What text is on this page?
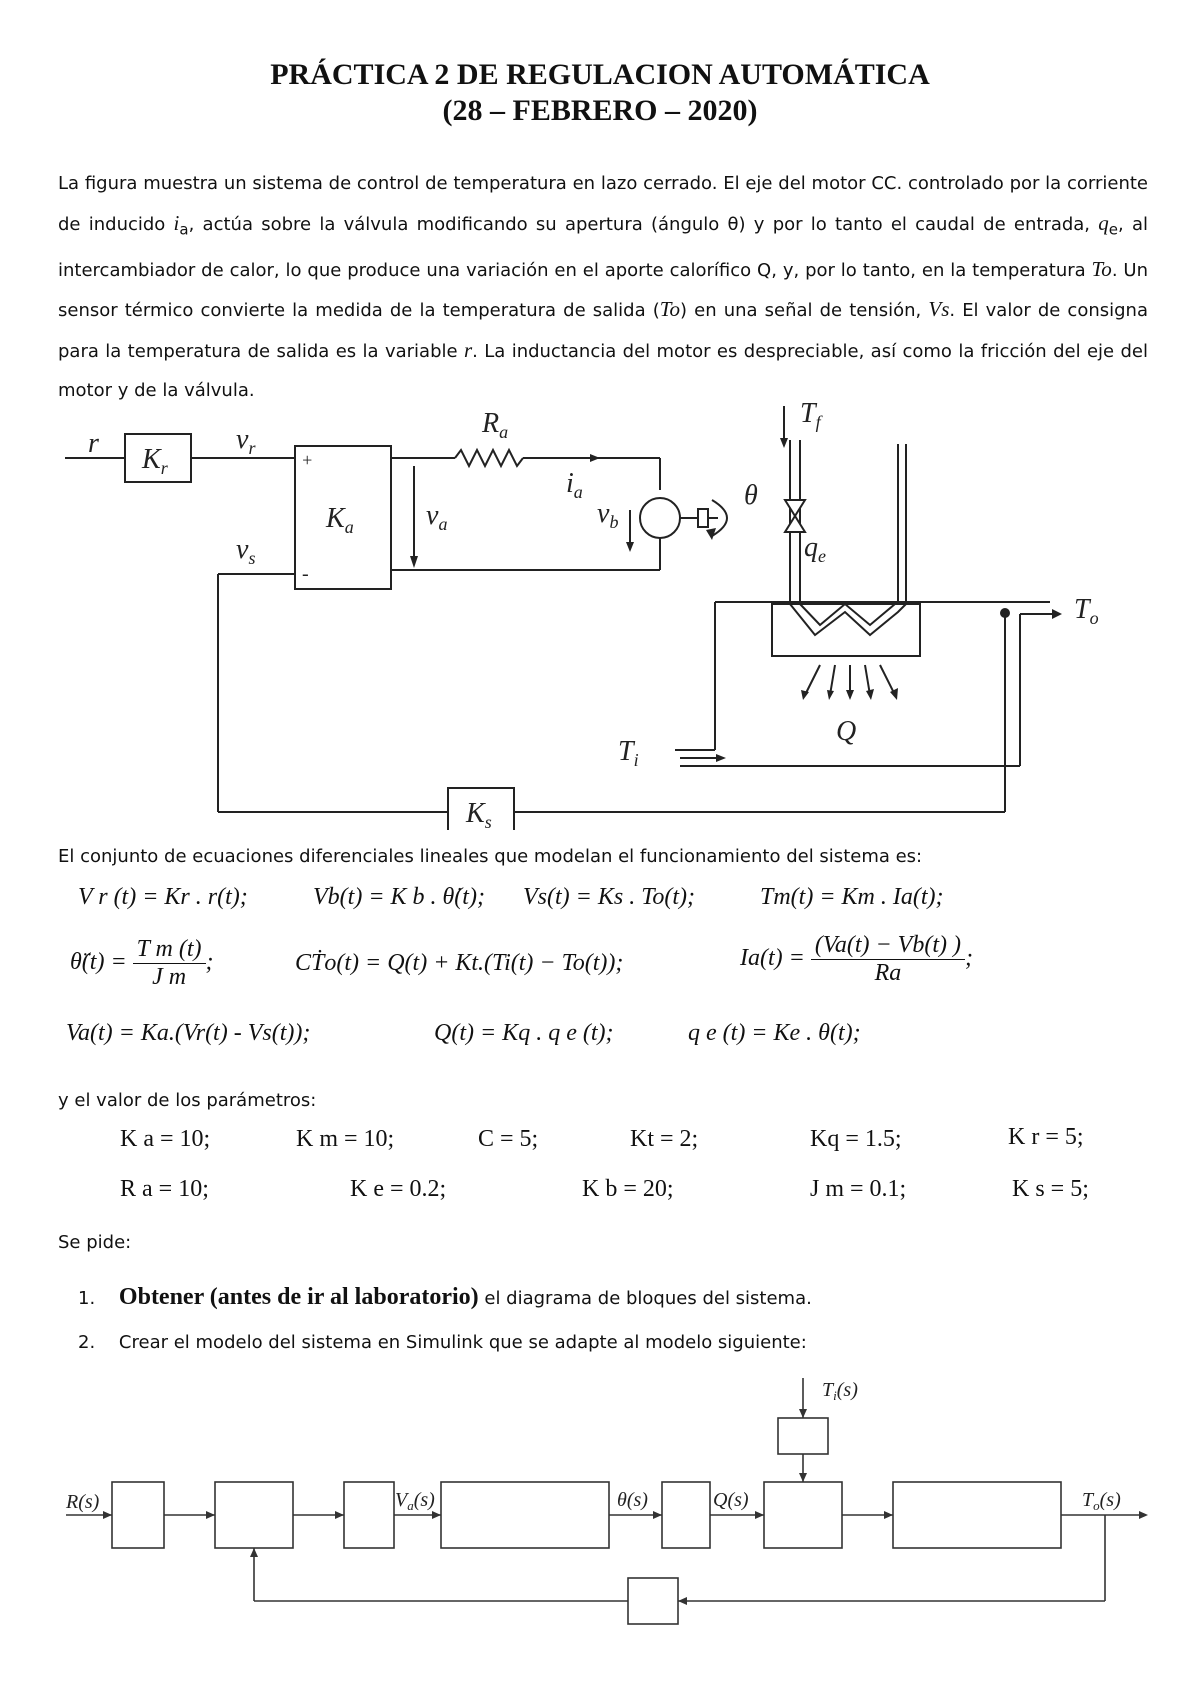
PRÁCTICA 2 DE REGULACION AUTOMÁTICA
(28 – FEBRERO – 2020)
La figura muestra un sistema de control de temperatura en lazo cerrado. El eje del motor CC. controlado por la corriente de inducido $i_a$, actúa sobre la válvula modificando su apertura (ángulo θ) y por lo tanto el caudal de entrada, $q_e$, al intercambiador de calor, lo que produce una variación en el aporte calorífico Q, y, por lo tanto, en la temperatura To. Un sensor térmico convierte la medida de la temperatura de salida (To) en una señal de tensión, Vs. El valor de consigna para la temperatura de salida es la variable r. La inductancia del motor es despreciable, así como la fricción del eje del motor y de la válvula.
r
$K_r$
$v_r$
+
-
$K_a$	$v_a$
$v_s$
$R_a$
$i_a$
$v_b$
θ
$T_f$
$q_e$
$T_o$
Q
$T_i$
$K_s$
El conjunto de ecuaciones diferenciales lineales que modelan el funcionamiento del sistema es:
V r (t) = Kr . r(t);	Vb(t) = K b . θ̇(t); Vs(t) = Ks . To(t);	Tm(t) = Km . Ia(t);
θ̈(t) = $\frac{\text{T m (t)}}{\text{J m}}$ ;	CṪo(t) = Q(t) + Kt.(Ti(t) − To(t));	$Ia(t) = \frac{(Va(t) - Vb(t) )}{Ra}$ ;
Va(t) = Ka.(Vr(t) - Vs(t));	Q(t) = Kq . q e (t);	q e (t) = Ke . θ(t);
y el valor de los parámetros:
K a = 10;	K m = 10;	C = 5;	Kt = 2;	Kq = 1.5;	K r = 5;
R a = 10;	K e = 0.2;	K b = 20;	J m = 0.1;	K s = 5;
Se pide:
1. Obtener (antes de ir al laboratorio) el diagrama de bloques del sistema.
2. Crear el modelo del sistema en Simulink que se adapte al modelo siguiente:
R(s)	$V_a(s)$	θ(s)	Q(s)	$T_o(s)$
$T_i(s)$
